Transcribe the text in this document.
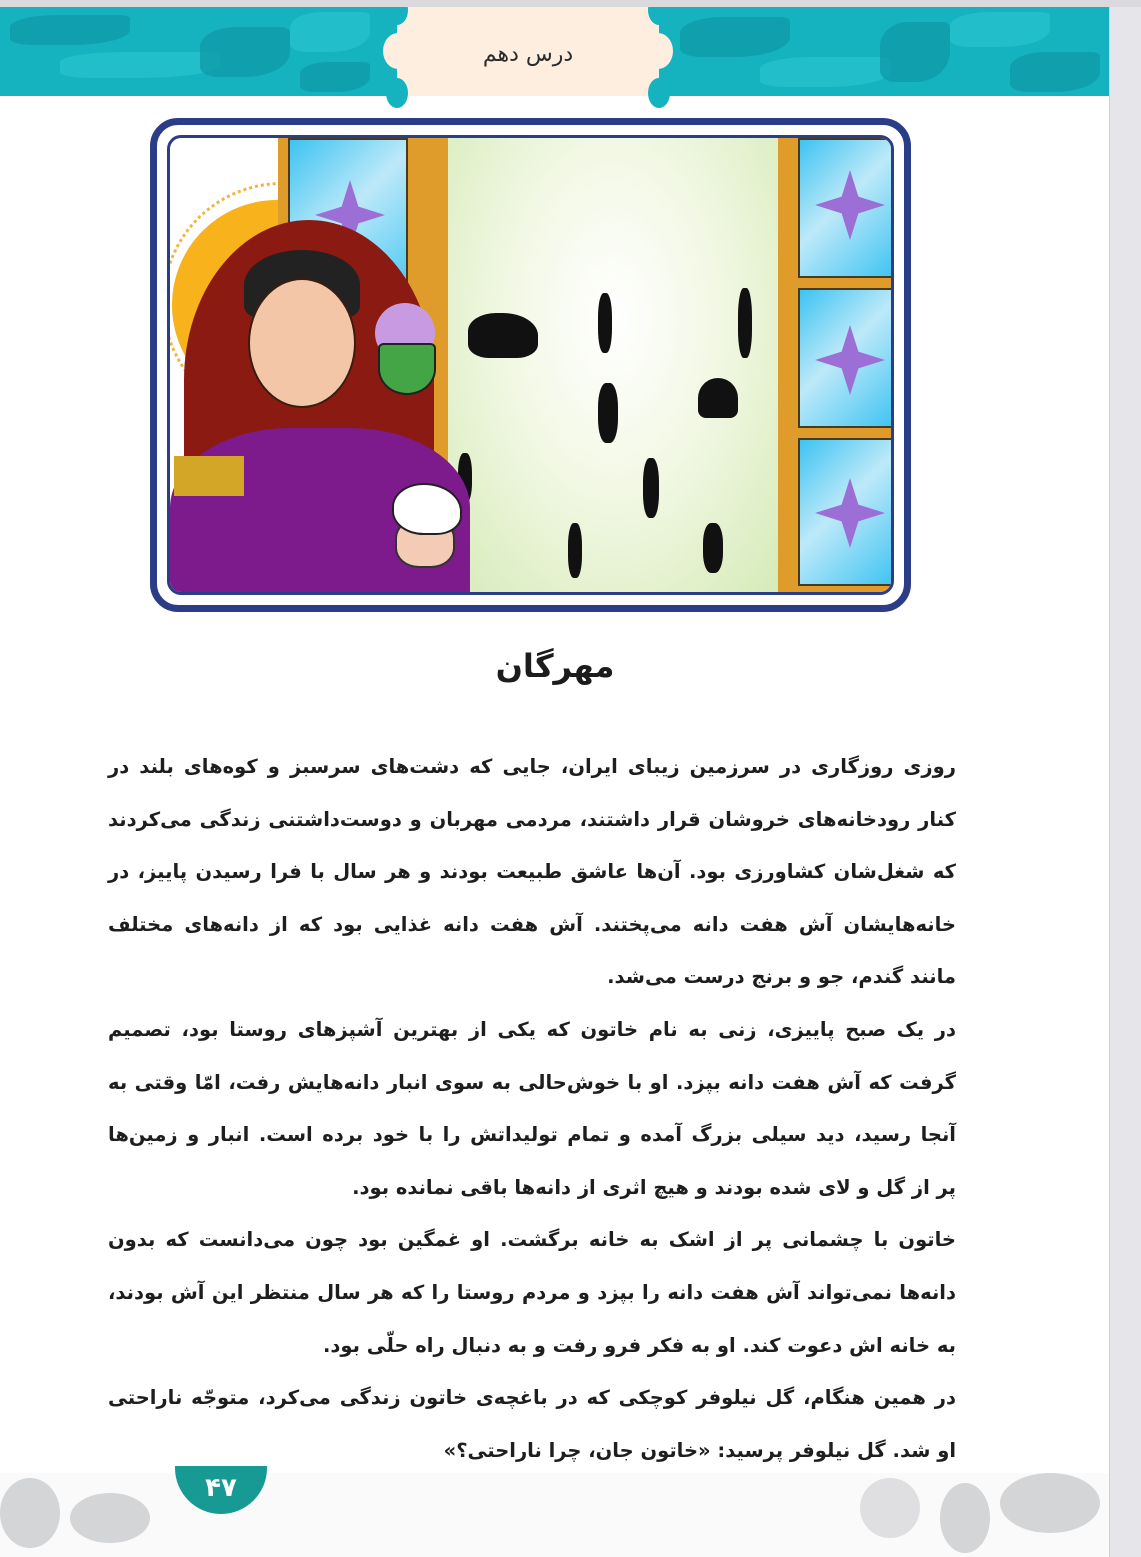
درس دهم
مهرگان

روزی روزگاری در سرزمین زیبای ایران، جایی که دشت‌های سرسبز و کوه‌های بلند در
کنار رودخانه‌های خروشان قرار داشتند، مردمی مهربان و دوست‌داشتنی زندگی می‌کردند
که شغل‌شان کشاورزی بود. آن‌ها عاشق طبیعت بودند و هر سال با فرا رسیدن پاییز، در
خانه‌هایشان آش هفت دانه می‌پختند. آش هفت دانه غذایی بود که از دانه‌های مختلف
مانند گندم، جو و برنج درست می‌شد.

در یک صبح پاییزی، زنی به نام خاتون که یکی از بهترین آشپزهای روستا بود، تصمیم
گرفت که آش هفت دانه بپزد. او با خوش‌حالی به سوی انبار دانه‌هایش رفت، امّا وقتی به
آنجا رسید، دید سیلی بزرگ آمده و تمام تولیداتش را با خود برده است. انبار و زمین‌ها
پر از گل و لای شده بودند و هیچ اثری از دانه‌ها باقی نمانده بود.

خاتون با چشمانی پر از اشک به خانه برگشت. او غمگین بود چون می‌دانست که بدون
دانه‌ها نمی‌تواند آش هفت دانه را بپزد و مردم روستا را که هر سال منتظر این آش بودند،
به خانه اش دعوت کند. او به فکر فرو رفت و به دنبال راه حلّی بود.

در همین هنگام، گل نیلوفر کوچکی که در باغچه‌ی خاتون زندگی می‌کرد، متوجّه ناراحتی
او شد. گل نیلوفر پرسید: «خاتون جان، چرا ناراحتی؟»

۴۷
